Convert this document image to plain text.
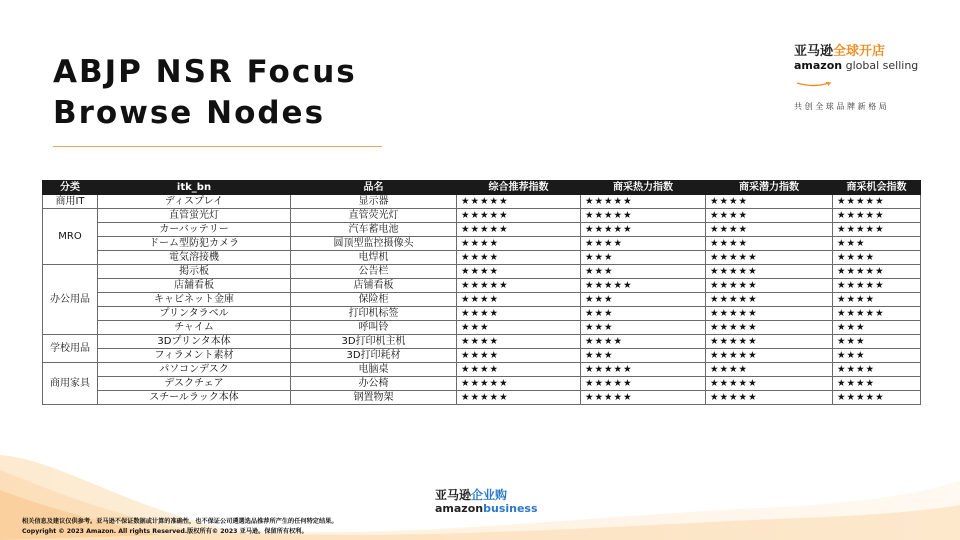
ABJP NSR Focus
Browse Nodes
亚马逊全球开店
amazon global selling
共创全球品牌新格局
分类	itk_bn	品名	综合推荐指数	商采热力指数	商采潜力指数	商采机会指数
商用IT	ディスプレイ	显示器	★★★★★	★★★★★	★★★★	★★★★★
MRO	直管蛍光灯	直管荧光灯	★★★★★	★★★★★	★★★★	★★★★★
	カーバッテリー	汽车蓄电池	★★★★★	★★★★★	★★★★	★★★★★
	ドーム型防犯カメラ	圆顶型监控摄像头	★★★★	★★★★	★★★★	★★★
	電気溶接機	电焊机	★★★★	★★★	★★★★★	★★★★
办公用品	掲示板	公告栏	★★★★	★★★	★★★★★	★★★★★
	店舗看板	店铺看板	★★★★★	★★★★★	★★★★★	★★★★★
	キャビネット金庫	保险柜	★★★★	★★★	★★★★★	★★★★
	プリンタラベル	打印机标签	★★★★	★★★	★★★★★	★★★★★
	チャイム	呼叫铃	★★★	★★★	★★★★★	★★★
学校用品	3Dプリンタ本体	3D打印机主机	★★★★	★★★★	★★★★★	★★★
	フィラメント素材	3D打印耗材	★★★★	★★★	★★★★★	★★★
商用家具	パソコンデスク	电脑桌	★★★★	★★★★★	★★★★	★★★★
	デスクチェア	办公椅	★★★★★	★★★★★	★★★★★	★★★★
	スチールラック本体	钢置物架	★★★★★	★★★★★	★★★★★	★★★★★
亚马逊企业购
amazonbusiness
相关信息及建议仅供参考。亚马逊不保证数据或计算的准确性，也不保证公司遴選选品推荐所产生的任何特定结果。
Copyright © 2023 Amazon. All rights Reserved.版权所有© 2023 亚马逊。保留所有权利。
